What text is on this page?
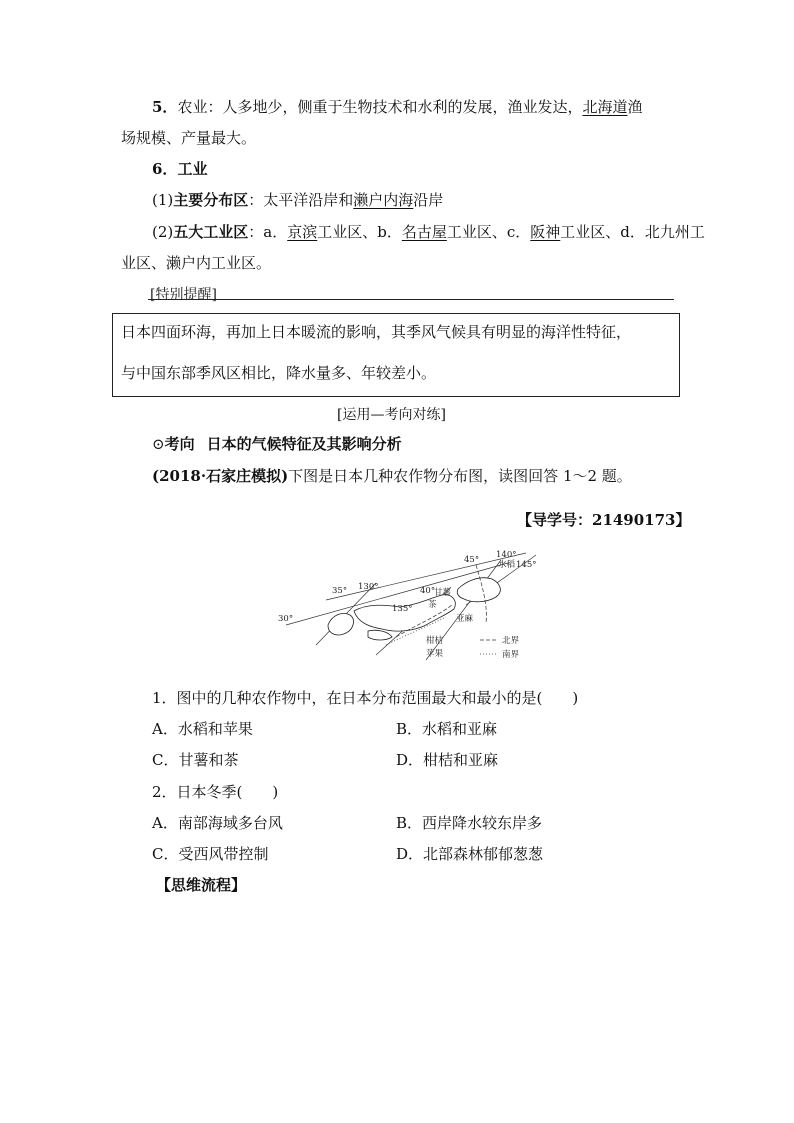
5．农业：人多地少，侧重于生物技术和水利的发展，渔业发达，北海道渔
场规模、产量最大。
6．工业
(1)主要分布区：太平洋沿岸和濑户内海沿岸
(2)五大工业区：a．京滨工业区、b．名古屋工业区、c．阪神工业区、d．北九州工
业区、濑户内工业区。
[特别提醒]
日本四面环海，再加上日本暖流的影响，其季风气候具有明显的海洋性特征，
与中国东部季风区相比，降水量多、年较差小。
[运用—考向对练]
⊙考向 日本的气候特征及其影响分析
(2018·石家庄模拟)下图是日本几种农作物分布图，读图回答 1～2 题。
【导学号：21490173】
30°
35°	40°
45°
130°
135°
140°
145°
水稻
甘薯
茶
亚麻
柑桔
苹果
北界
南界
1．图中的几种农作物中，在日本分布范围最大和最小的是(　　)
A．水稻和苹果	B．水稻和亚麻
C．甘薯和茶	D．柑桔和亚麻
2．日本冬季(　　)
A．南部海域多台风	B．西岸降水较东岸多
C．受西风带控制	D．北部森林郁郁葱葱
【思维流程】
